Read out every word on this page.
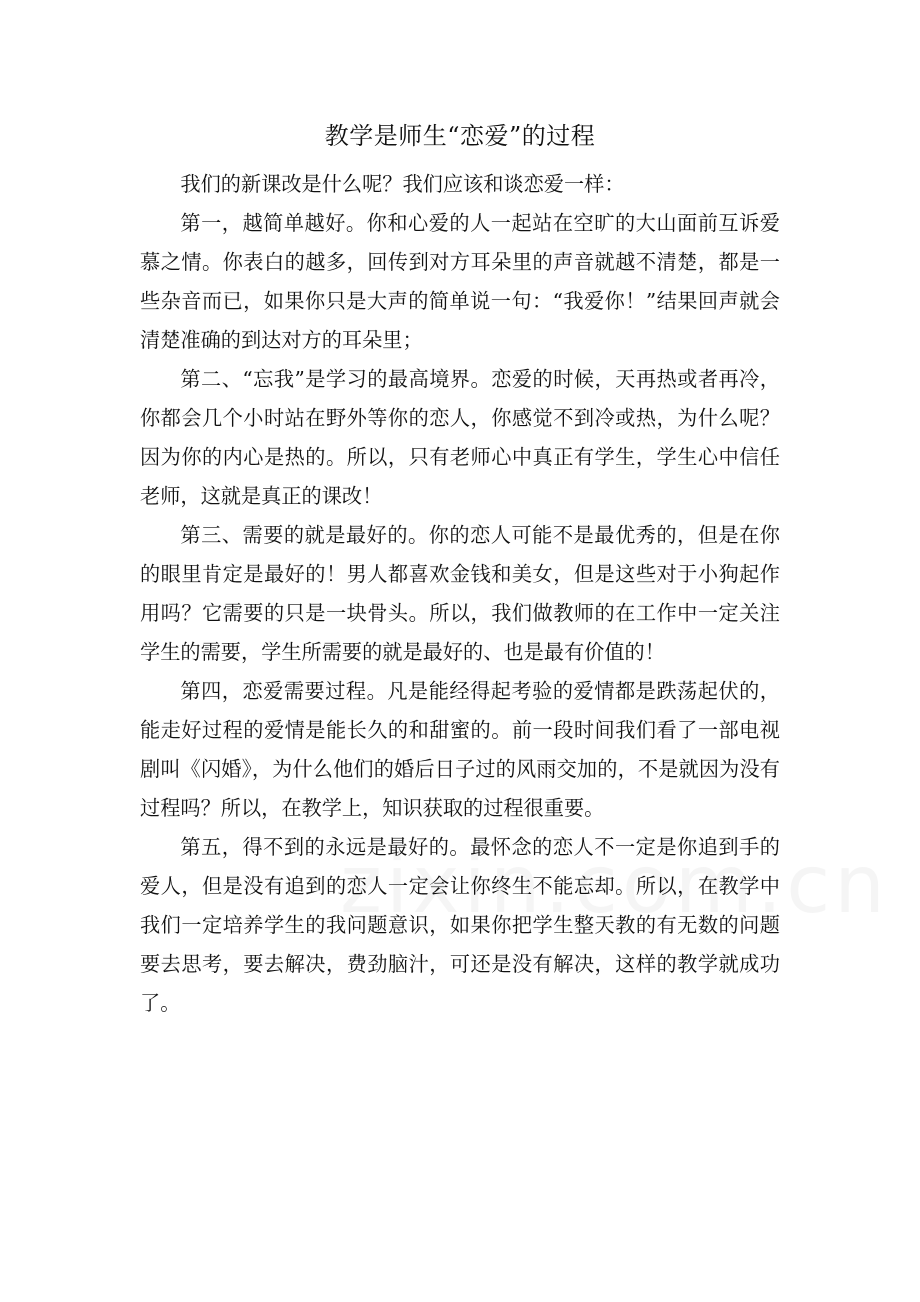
教学是师生“恋爱”的过程

我们的新课改是什么呢？我们应该和谈恋爱一样：

第一，越简单越好。你和心爱的人一起站在空旷的大山面前互诉爱慕之情。你表白的越多，回传到对方耳朵里的声音就越不清楚，都是一些杂音而已，如果你只是大声的简单说一句：“我爱你！”结果回声就会清楚准确的到达对方的耳朵里；

第二、“忘我”是学习的最高境界。恋爱的时候，天再热或者再冷，你都会几个小时站在野外等你的恋人，你感觉不到冷或热，为什么呢？因为你的内心是热的。所以，只有老师心中真正有学生，学生心中信任老师，这就是真正的课改！

第三、需要的就是最好的。你的恋人可能不是最优秀的，但是在你的眼里肯定是最好的！男人都喜欢金钱和美女，但是这些对于小狗起作用吗？它需要的只是一块骨头。所以，我们做教师的在工作中一定关注学生的需要，学生所需要的就是最好的、也是最有价值的！

第四，恋爱需要过程。凡是能经得起考验的爱情都是跌荡起伏的，能走好过程的爱情是能长久的和甜蜜的。前一段时间我们看了一部电视剧叫《闪婚》，为什么他们的婚后日子过的风雨交加的，不是就因为没有过程吗？所以，在教学上，知识获取的过程很重要。

第五，得不到的永远是最好的。最怀念的恋人不一定是你追到手的爱人，但是没有追到的恋人一定会让你终生不能忘却。所以，在教学中我们一定培养学生的我问题意识，如果你把学生整天教的有无数的问题要去思考，要去解决，费劲脑汁，可还是没有解决，这样的教学就成功了。
